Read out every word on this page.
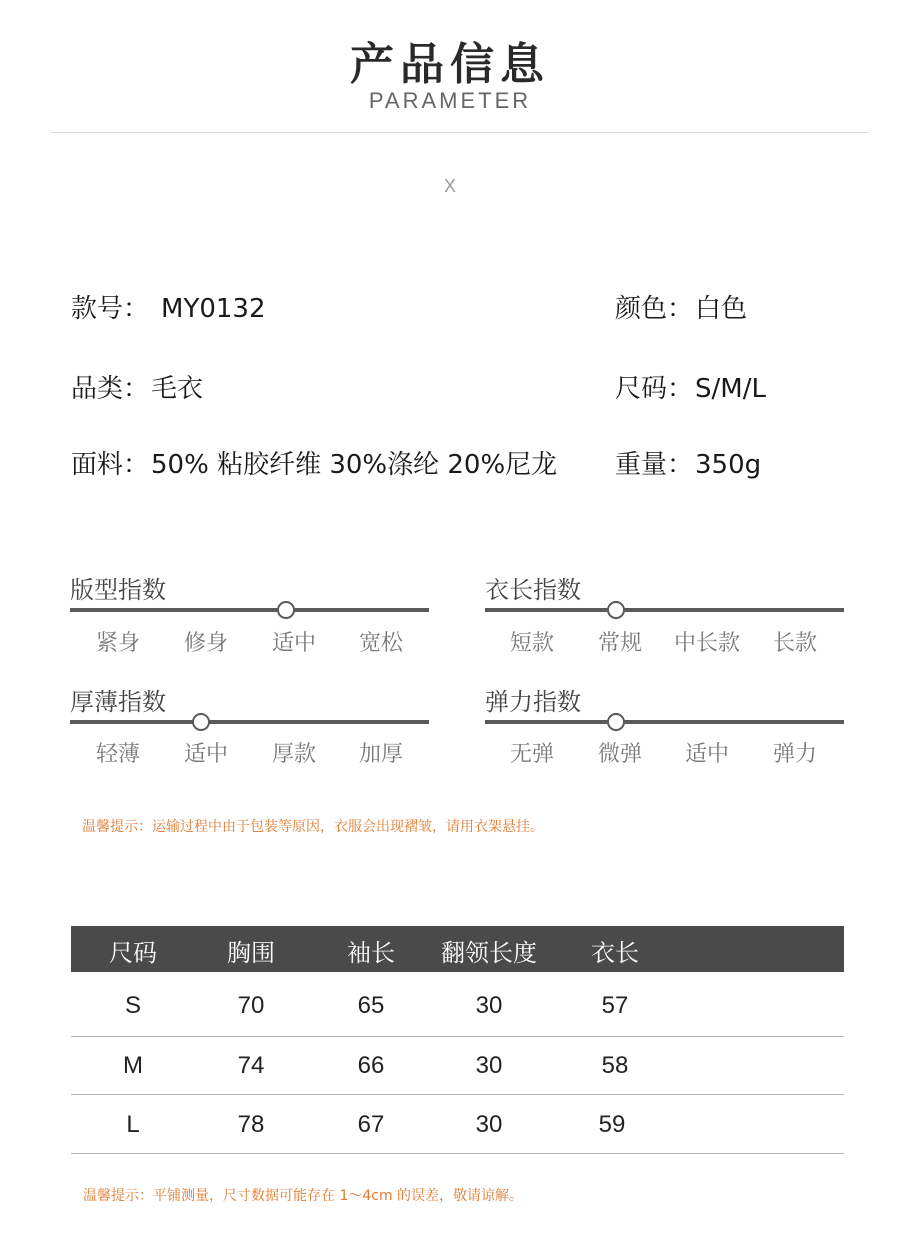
产品信息
PARAMETER
X
款号： MY0132	颜色：白色
品类：毛衣	尺码：S/M/L
面料：50% 粘胶纤维 30%涤纶 20%尼龙 重量：350g
版型指数
紧身	修身	适中	宽松
衣长指数
短款	常规	中长款	长款
厚薄指数
轻薄	适中	厚款	加厚
弹力指数
无弹	微弹	适中	弹力
温馨提示：运输过程中由于包装等原因，衣服会出现褶皱，请用衣架悬挂。
尺码	胸围	袖长	翻领长度	衣长
S	70	65	30	57
M	74	66	30	58
L	78	67	30	59
温馨提示：平铺测量，尺寸数据可能存在 1～4cm 的误差，敬请谅解。
